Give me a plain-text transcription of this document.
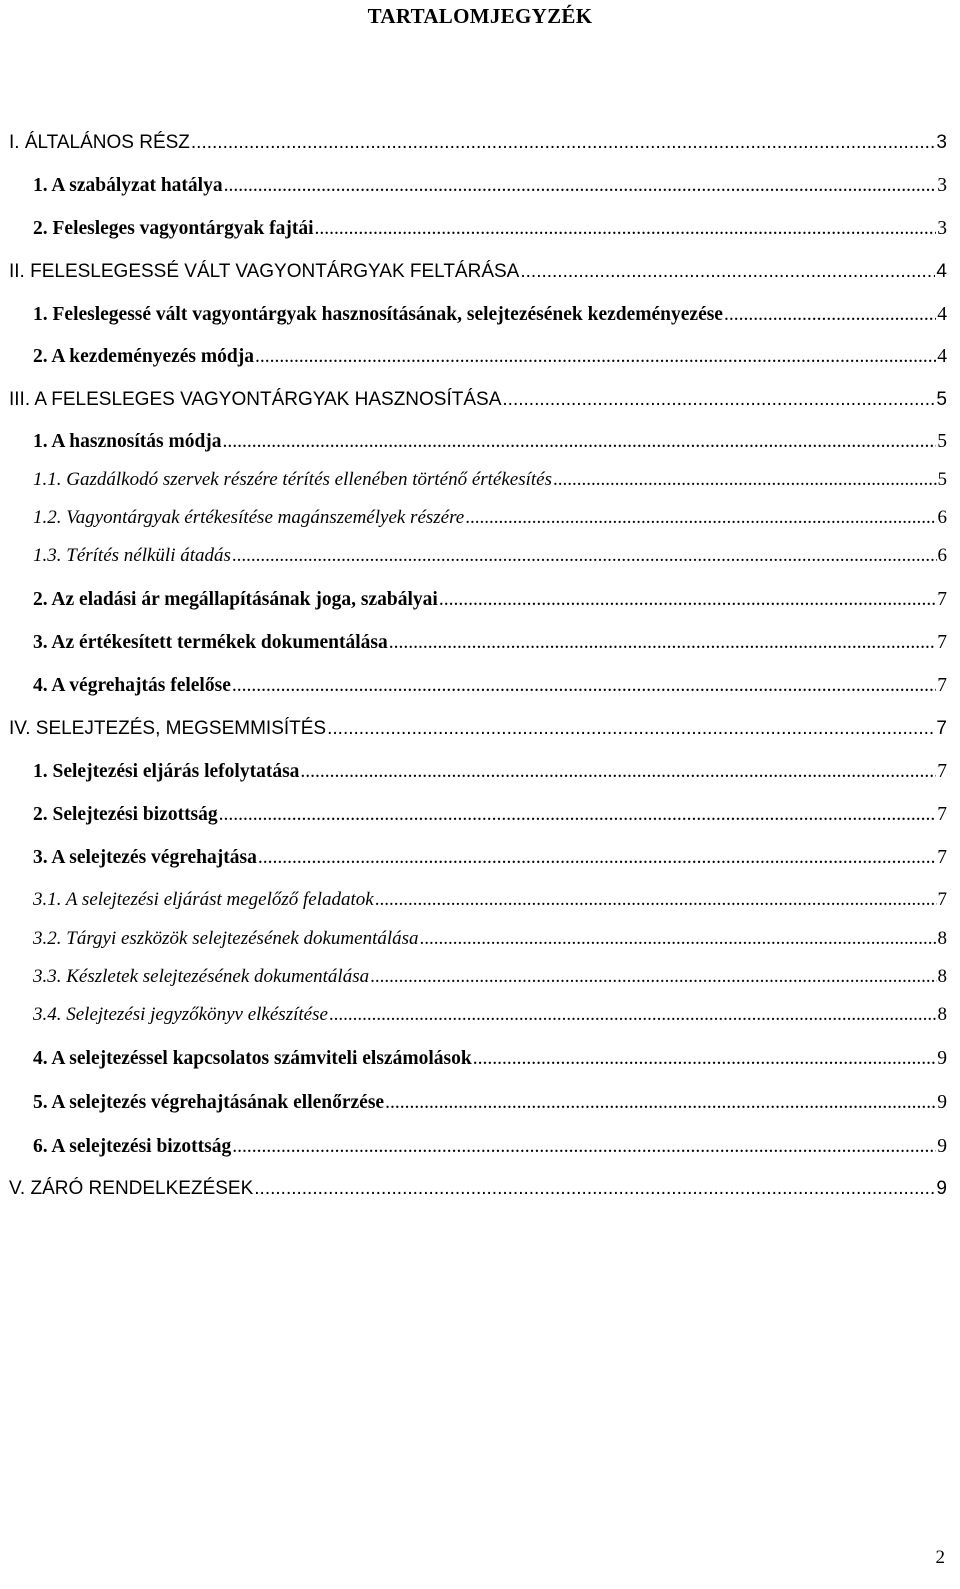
TARTALOMJEGYZÉK
I. ÁLTALÁNOS RÉSZ .....	3
1. A szabályzat hatálya .....	3
2. Felesleges vagyontárgyak fajtái .....	3
II. FELESLEGESSÉ VÁLT VAGYONTÁRGYAK FELTÁRÁSA .....	4
1. Feleslegessé vált vagyontárgyak hasznosításának, selejtezésének kezdeményezése .....	4
2. A kezdeményezés módja .....	4
III. A FELESLEGES VAGYONTÁRGYAK HASZNOSÍTÁSA .....	5
1. A hasznosítás módja .....	5
1.1. Gazdálkodó szervek részére térítés ellenében történő értékesítés .....	5
1.2. Vagyontárgyak értékesítése magánszemélyek részére .....	6
1.3. Térítés nélküli átadás .....	6
2. Az eladási ár megállapításának joga, szabályai .....	7
3. Az értékesített termékek dokumentálása .....	7
4. A végrehajtás felelőse .....	7
IV. SELEJTEZÉS, MEGSEMMISÍTÉS .....	7
1. Selejtezési eljárás lefolytatása .....	7
2. Selejtezési bizottság .....	7
3. A selejtezés végrehajtása .....	7
3.1. A selejtezési eljárást megelőző feladatok .....	7
3.2. Tárgyi eszközök selejtezésének dokumentálása .....	8
3.3. Készletek selejtezésének dokumentálása .....	8
3.4. Selejtezési jegyzőkönyv elkészítése .....	8
4. A selejtezéssel kapcsolatos számviteli elszámolások .....	9
5. A selejtezés végrehajtásának ellenőrzése .....	9
6. A selejtezési bizottság .....	9
V. ZÁRÓ RENDELKEZÉSEK .....	9
2
